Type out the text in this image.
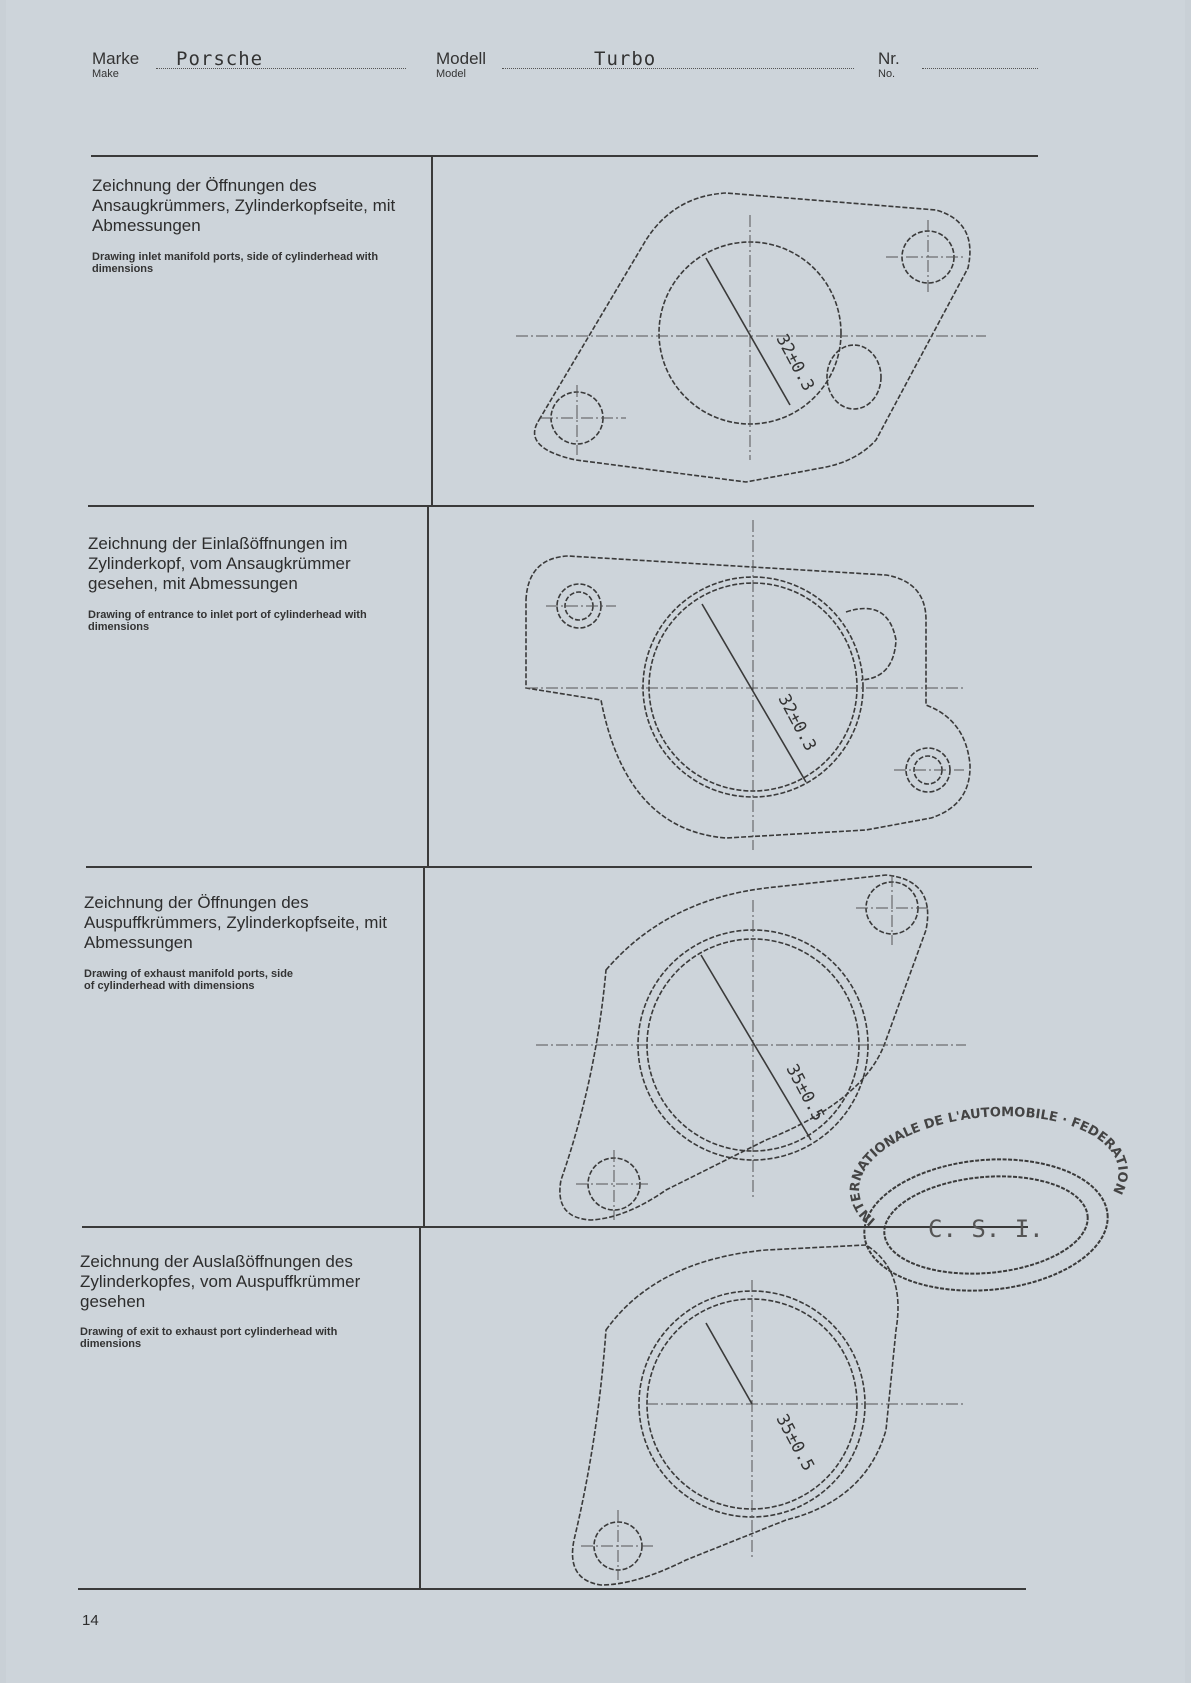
Marke
Make
Porsche	Modell
Model
Turbo	Nr.
No.
Zeichnung der Öffnungen des Ansaugkrümmers, Zylinderkopfseite, mit Abmessungen
Drawing inlet manifold ports, side of cylinderhead with dimensions
Zeichnung der Einlaßöffnungen im Zylinderkopf, vom Ansaugkrümmer gesehen, mit Abmessungen
Drawing of entrance to inlet port of cylinderhead with dimensions
Zeichnung der Öffnungen des Auspuffkrümmers, Zylinderkopfseite, mit Abmessungen
Drawing of exhaust manifold ports, side of cylinderhead with dimensions
Zeichnung der Auslaßöffnungen des Zylinderkopfes, vom Auspuffkrümmer gesehen
Drawing of exit to exhaust port cylinderhead with dimensions
32±0.3
32±0.3
35±0.5
35±0.5
INTERNATIONALE DE L'AUTOMOBILE · FEDERATION
C. S. I.
14
